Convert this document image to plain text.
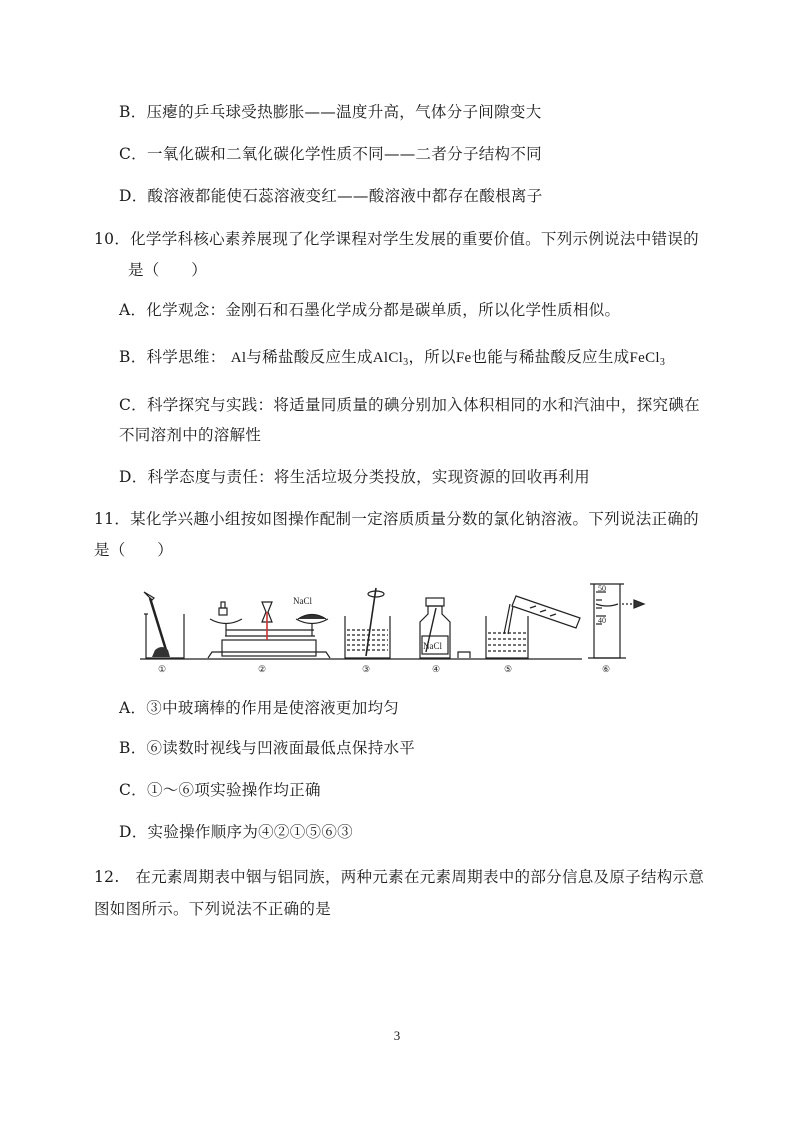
B．压瘪的乒乓球受热膨胀——温度升高，气体分子间隙变大
C．一氧化碳和二氧化碳化学性质不同——二者分子结构不同
D．酸溶液都能使石蕊溶液变红——酸溶液中都存在酸根离子
10．化学学科核心素养展现了化学课程对学生发展的重要价值。下列示例说法中错误的
是（　　）
A．化学观念：金刚石和石墨化学成分都是碳单质，所以化学性质相似。
B．科学思维： Al与稀盐酸反应生成AlCl$_3$，所以Fe也能与稀盐酸反应生成FeCl$_3$
C．科学探究与实践：将适量同质量的碘分别加入体积相同的水和汽油中，探究碘在
不同溶剂中的溶解性
D．科学态度与责任：将生活垃圾分类投放，实现资源的回收再利用
11．某化学兴趣小组按如图操作配制一定溶质质量分数的氯化钠溶液。下列说法正确的
是（　　）
NaCl
NaCl
50
40
①	②	③	④	⑤	⑥
A．③中玻璃棒的作用是使溶液更加均匀
B．⑥读数时视线与凹液面最低点保持水平
C．①～⑥项实验操作均正确
D．实验操作顺序为④②①⑤⑥③
12.　在元素周期表中铟与铝同族，两种元素在元素周期表中的部分信息及原子结构示意
图如图所示。下列说法不正确的是
3
